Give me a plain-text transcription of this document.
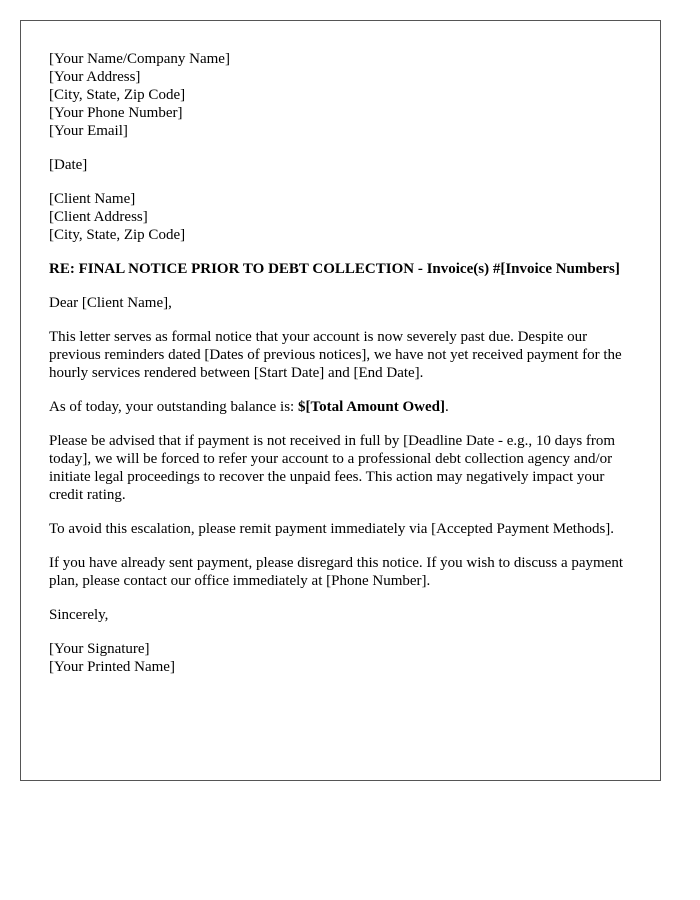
[Your Name/Company Name]
[Your Address]
[City, State, Zip Code]
[Your Phone Number]
[Your Email]

[Date]

[Client Name]
[Client Address]
[City, State, Zip Code]

RE: FINAL NOTICE PRIOR TO DEBT COLLECTION - Invoice(s) #[Invoice Numbers]

Dear [Client Name],

This letter serves as formal notice that your account is now severely past due. Despite our previous reminders dated [Dates of previous notices], we have not yet received payment for the hourly services rendered between [Start Date] and [End Date].

As of today, your outstanding balance is: $[Total Amount Owed].

Please be advised that if payment is not received in full by [Deadline Date - e.g., 10 days from today], we will be forced to refer your account to a professional debt collection agency and/or initiate legal proceedings to recover the unpaid fees. This action may negatively impact your credit rating.

To avoid this escalation, please remit payment immediately via [Accepted Payment Methods].

If you have already sent payment, please disregard this notice. If you wish to discuss a payment plan, please contact our office immediately at [Phone Number].

Sincerely,

[Your Signature]
[Your Printed Name]
